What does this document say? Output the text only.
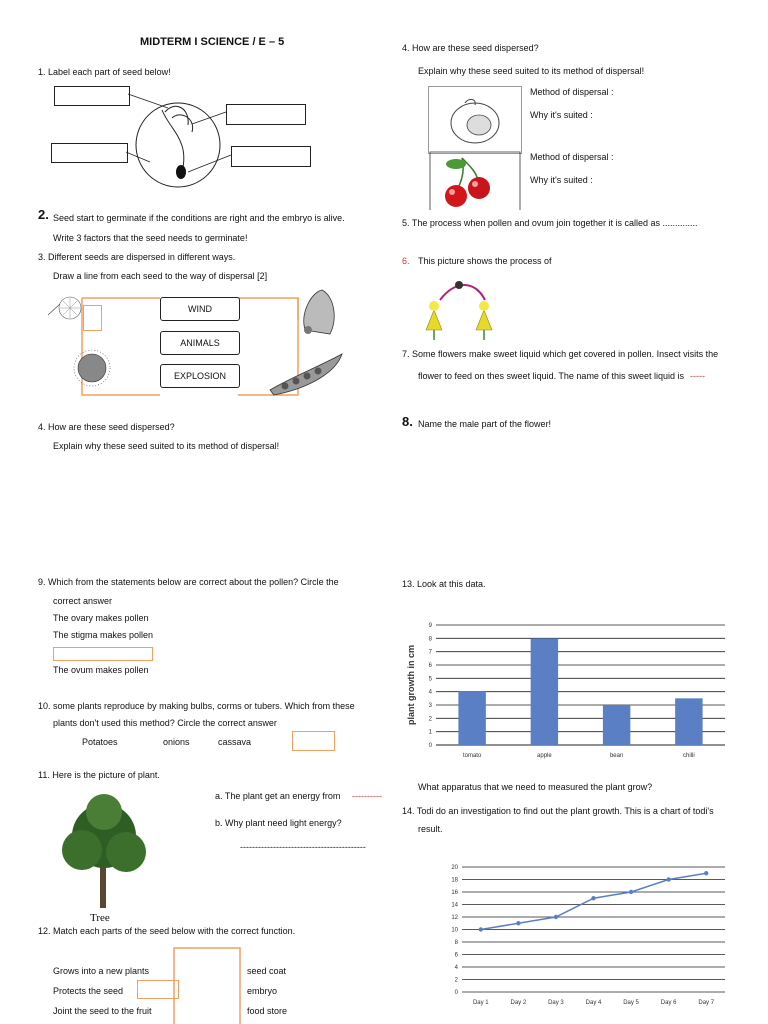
MIDTERM I SCIENCE / E – 5
1. Label each part of seed below!
2. Seed start to germinate if the conditions are right and the embryo is alive.
Write 3 factors that the seed needs to germinate!
3. Different seeds are dispersed in different ways.
Draw a line from each seed to the way of dispersal [2]
WIND
ANIMALS
EXPLOSION
4. How are these seed dispersed?
Explain why these seed suited to its method of dispersal!
9. Which from the statements below are correct about the pollen? Circle the
correct answer
The ovary makes pollen
The stigma makes pollen
The ovum makes pollen
10. some plants reproduce by making bulbs, corms or tubers. Which from these
plants don't used this method? Circle the correct answer
Potatoes	onions	cassava
11. Here is the picture of plant.
Tree
a. The plant get an energy from ----------
b. Why plant need light energy?
------------------------------------------
12. Match each parts of the seed below with the correct function.
Grows into a new plants
Protects the seed
Joint the seed to the fruit
seed coat
embryo
food store
4. How are these seed dispersed?
Explain why these seed suited to its method of dispersal!
Method of dispersal :
Why it's suited :
Method of dispersal :
Why it's suited :
5. The process when pollen and ovum join together it is called as ..............
6. This picture shows the process of
7. Some flowers make sweet liquid which get covered in pollen. Insect visits the
flower to feed on thes sweet liquid. The name of this sweet liquid is -----
8. Name the male part of the flower!
13. Look at this data.
0
1
2
3
4
5
6
7
8
9
tomato	apple	bean	chilli
plant growth in cm
What apparatus that we need to measured the plant grow?
14. Todi do an investigation to find out the plant growth. This is a chart of todi's
result.
0
2
4
6
8
10
12
14
16
18
20
Day 1	Day 2	Day 3	Day 4	Day 5	Day 6	Day 7
